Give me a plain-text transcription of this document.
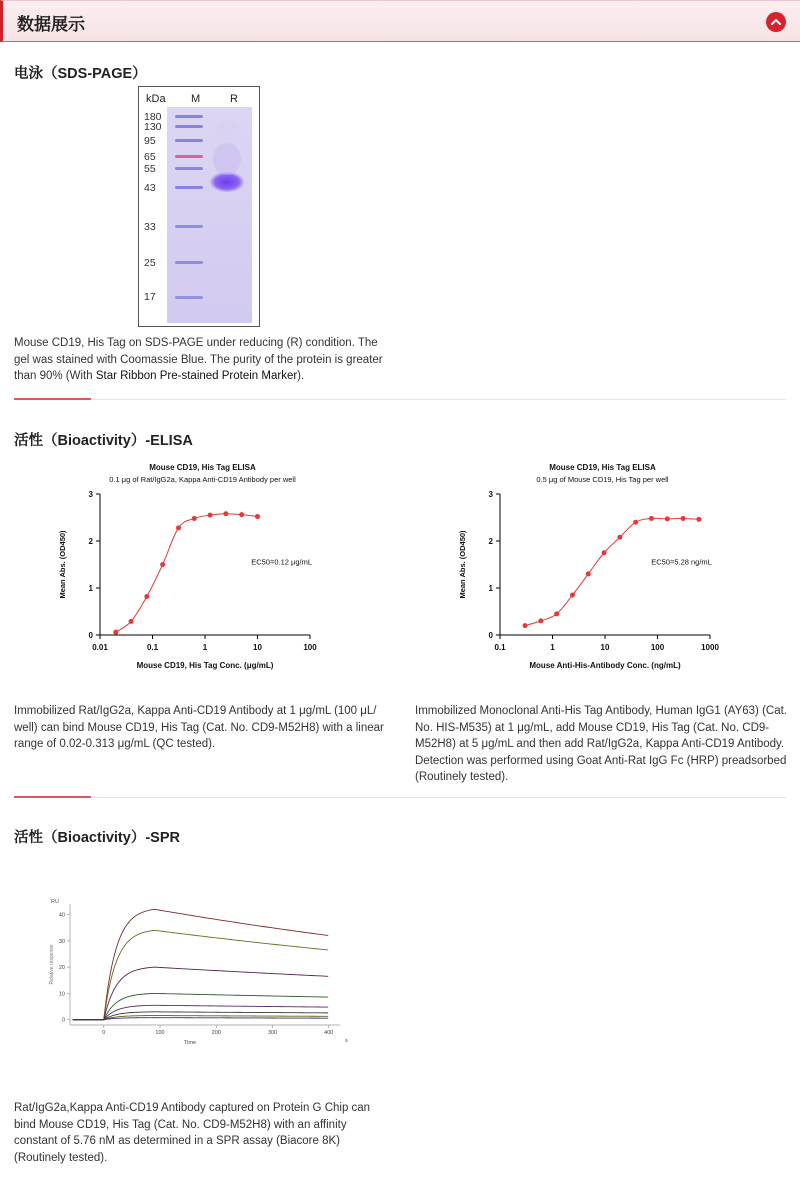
数据展示
电泳（SDS-PAGE）
kDa M	R
180
130
95
65
55
43
33
25
17
Mouse CD19, His Tag on SDS-PAGE under reducing (R) condition. The gel was stained with Coomassie Blue. The purity of the protein is greater than 90% (With Star Ribbon Pre-stained Protein Marker).
活性（Bioactivity）-ELISA
Mouse CD19, His Tag ELISA
0.1 μg of Rat/IgG2a, Kappa Anti-CD19 Antibody per well
0
1
2
3
0.01	0.1	1	10	100
Mean Abs. (OD450)
Mouse CD19, His Tag Conc. (μg/mL)
EC50=0.12 μg/mL
Mouse CD19, His Tag ELISA
0.5 μg of Mouse CD19, His Tag per well
0
1
2
3
0.1	1	10	100	1000
Mean Abs. (OD450)
Mouse Anti-His-Antibody Conc. (ng/mL)
EC50=5.28 ng/mL
Immobilized Rat/IgG2a, Kappa Anti-CD19 Antibody at 1 μg/mL (100 μL/ well) can bind Mouse CD19, His Tag (Cat. No. CD9-M52H8) with a linear range of 0.02-0.313 μg/mL (QC tested).
Immobilized Monoclonal Anti-His Tag Antibody, Human IgG1 (AY63) (Cat. No. HIS-M535) at 1 μg/mL, add Mouse CD19, His Tag (Cat. No. CD9-M52H8) at 5 μg/mL and then add Rat/IgG2a, Kappa Anti-CD19 Antibody. Detection was performed using Goat Anti-Rat IgG Fc (HRP) preadsorbed (Routinely tested).
活性（Bioactivity）-SPR
RU
0
10
20
30
40
0	100	200	300	400
s
Time
Relative response
Rat/IgG2a,Kappa Anti-CD19 Antibody captured on Protein G Chip can bind Mouse CD19, His Tag (Cat. No. CD9-M52H8) with an affinity constant of 5.76 nM as determined in a SPR assay (Biacore 8K) (Routinely tested).
